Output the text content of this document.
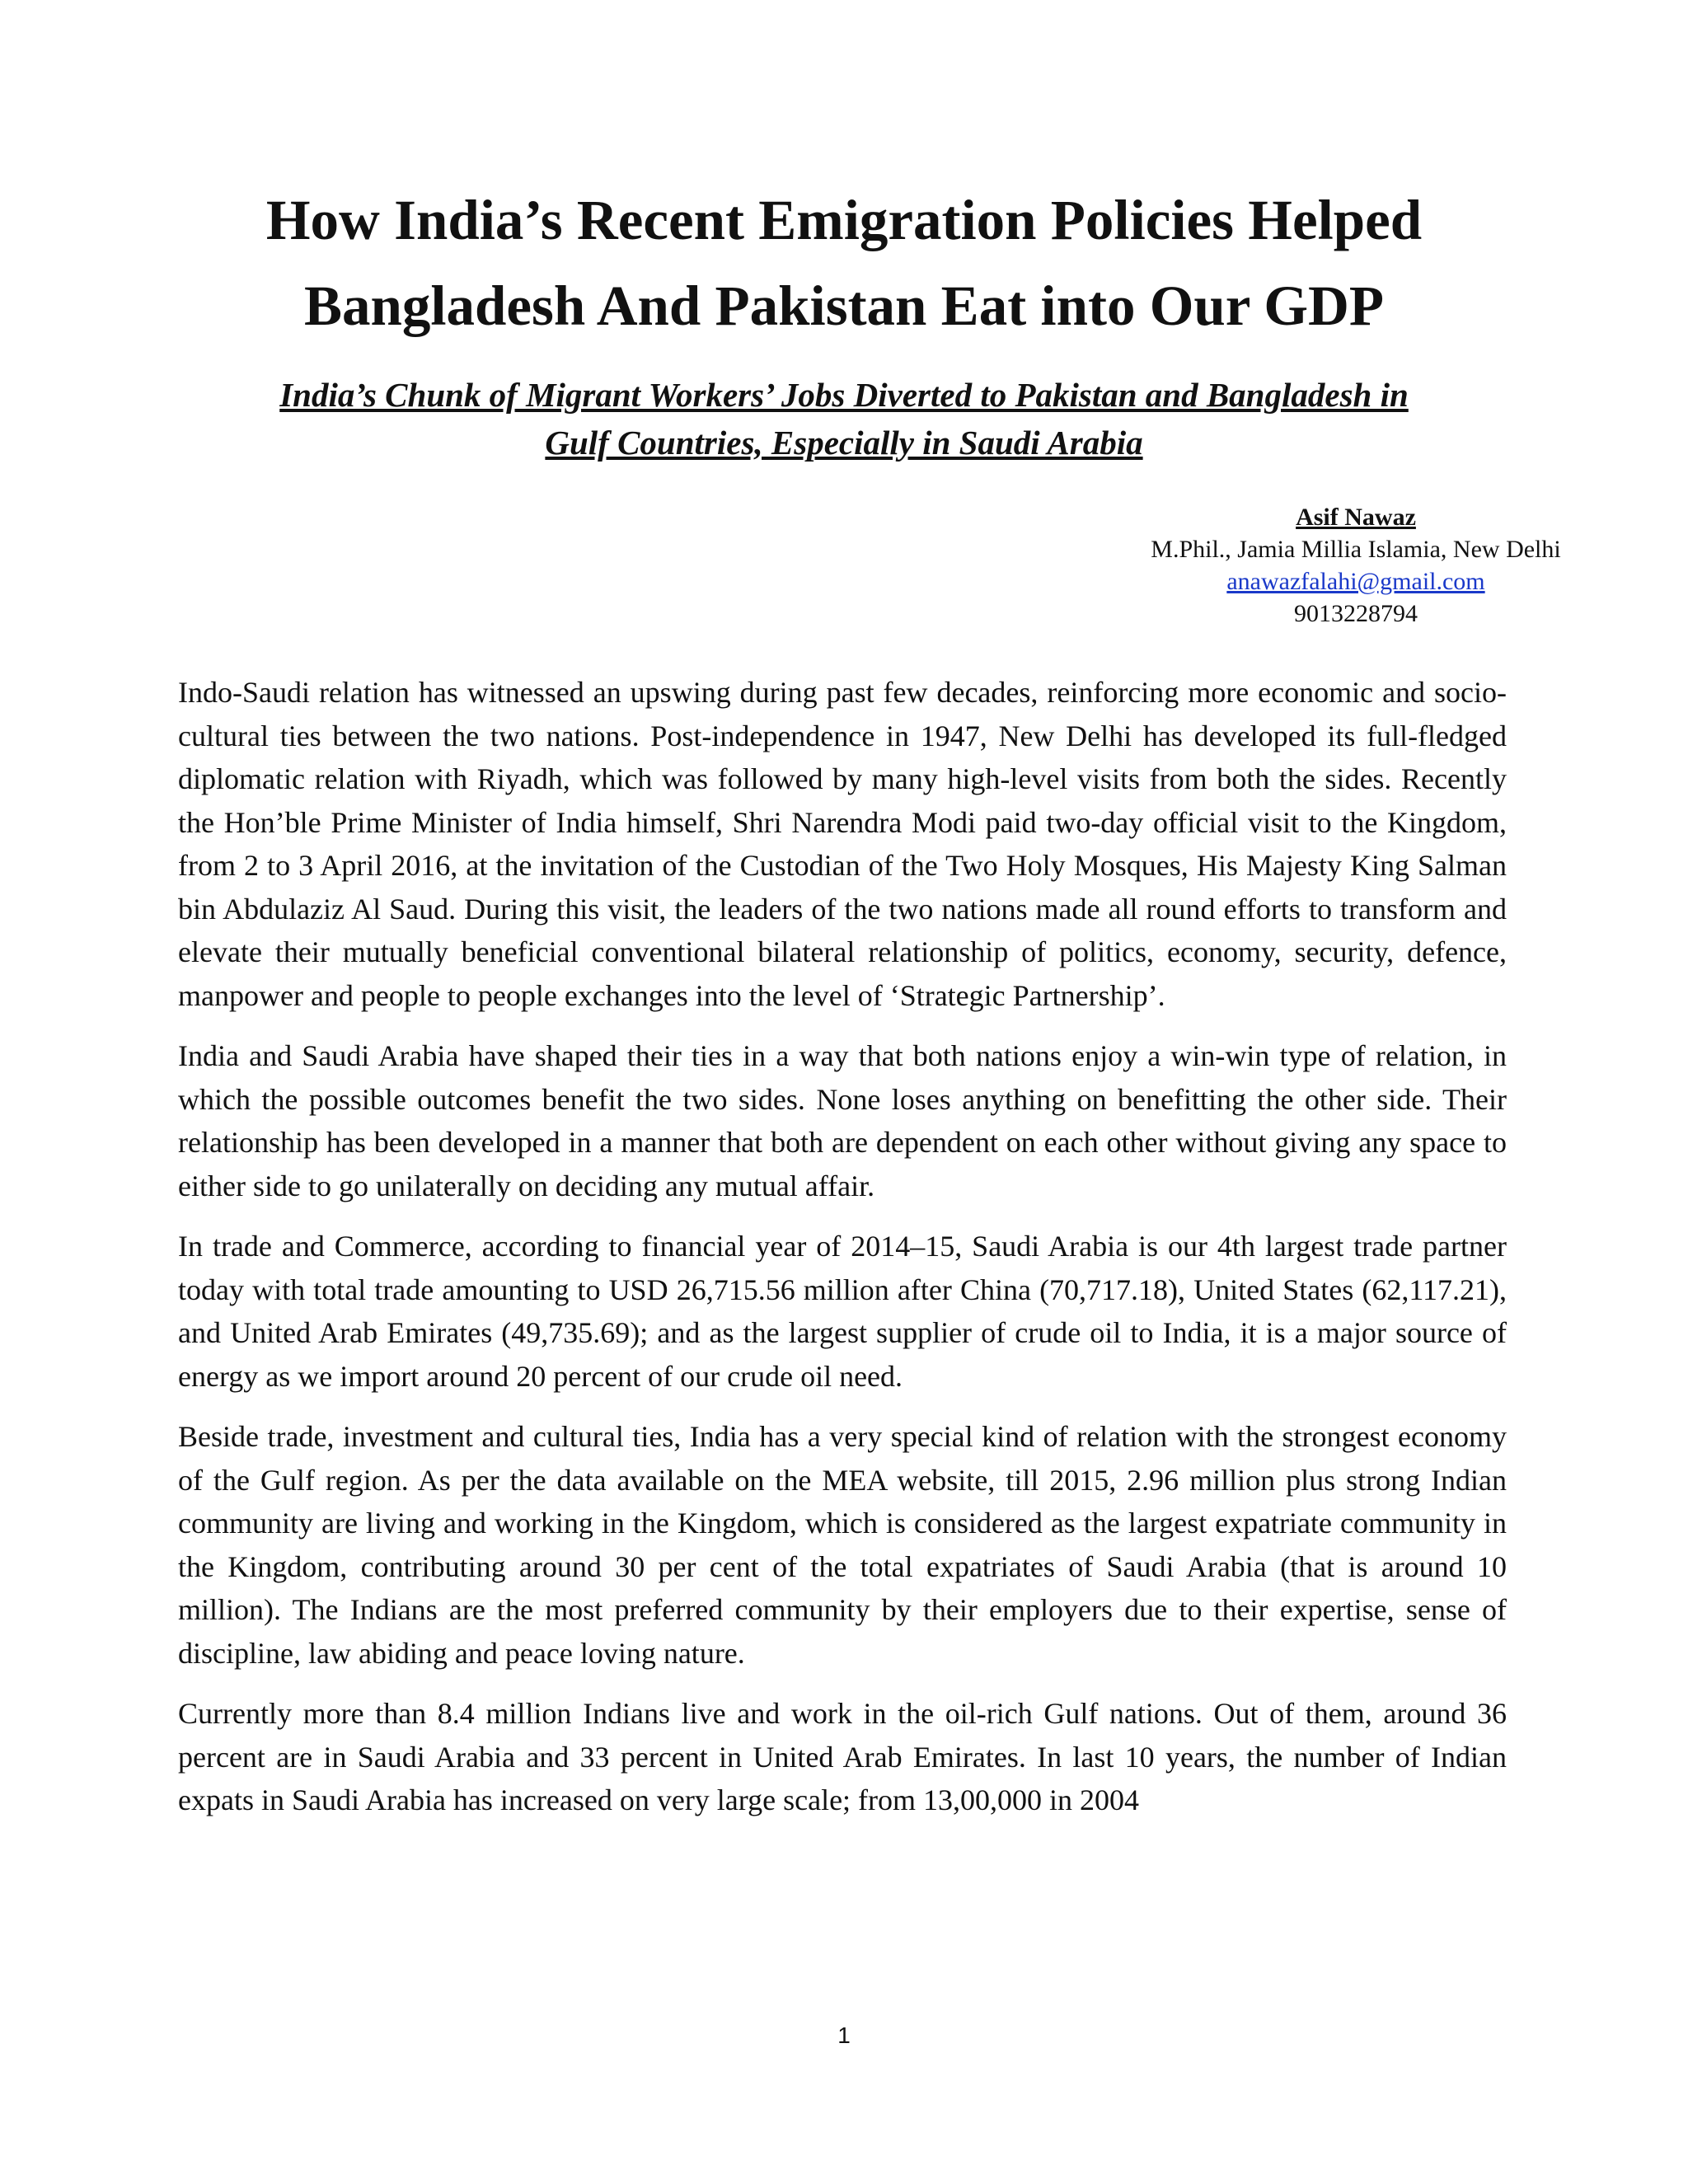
How India’s Recent Emigration Policies Helped
Bangladesh And Pakistan Eat into Our GDP
India’s Chunk of Migrant Workers’ Jobs Diverted to Pakistan and Bangladesh in
Gulf Countries, Especially in Saudi Arabia
Asif Nawaz
M.Phil., Jamia Millia Islamia, New Delhi
anawazfalahi@gmail.com
9013228794

Indo-Saudi relation has witnessed an upswing during past few decades, reinforcing more economic and socio-cultural ties between the two nations. Post-independence in 1947, New Delhi has developed its full-fledged diplomatic relation with Riyadh, which was followed by many high-level visits from both the sides. Recently the Hon’ble Prime Minister of India himself, Shri Narendra Modi paid two-day official visit to the Kingdom, from 2 to 3 April 2016, at the invitation of the Custodian of the Two Holy Mosques, His Majesty King Salman bin Abdulaziz Al Saud. During this visit, the leaders of the two nations made all round efforts to transform and elevate their mutually beneficial conventional bilateral relationship of politics, economy, security, defence, manpower and people to people exchanges into the level of ‘Strategic Partnership’.

India and Saudi Arabia have shaped their ties in a way that both nations enjoy a win-win type of relation, in which the possible outcomes benefit the two sides. None loses anything on benefitting the other side. Their relationship has been developed in a manner that both are dependent on each other without giving any space to either side to go unilaterally on deciding any mutual affair.

In trade and Commerce, according to financial year of 2014–15, Saudi Arabia is our 4th largest trade partner today with total trade amounting to USD 26,715.56 million after China (70,717.18), United States (62,117.21), and United Arab Emirates (49,735.69); and as the largest supplier of crude oil to India, it is a major source of energy as we import around 20 percent of our crude oil need.

Beside trade, investment and cultural ties, India has a very special kind of relation with the strongest economy of the Gulf region. As per the data available on the MEA website, till 2015, 2.96 million plus strong Indian community are living and working in the Kingdom, which is considered as the largest expatriate community in the Kingdom, contributing around 30 per cent of the total expatriates of Saudi Arabia (that is around 10 million). The Indians are the most preferred community by their employers due to their expertise, sense of discipline, law abiding and peace loving nature.

Currently more than 8.4 million Indians live and work in the oil-rich Gulf nations. Out of them, around 36 percent are in Saudi Arabia and 33 percent in United Arab Emirates. In last 10 years, the number of Indian expats in Saudi Arabia has increased on very large scale; from 13,00,000 in 2004

1
